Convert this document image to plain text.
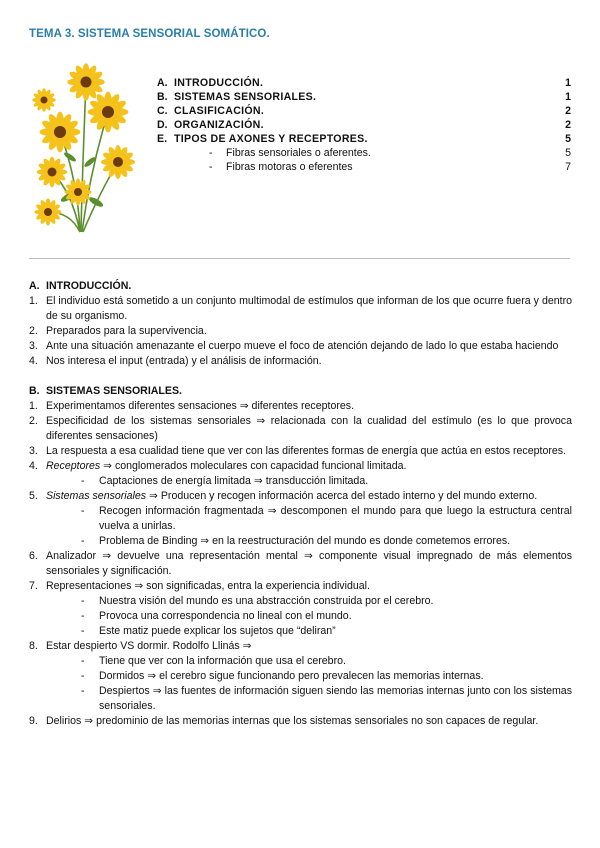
TEMA 3. SISTEMA SENSORIAL SOMÁTICO.
A. INTRODUCCIÓN.	1
B. SISTEMAS SENSORIALES.	1
C. CLASIFICACIÓN.	2
D. ORGANIZACIÓN.	2
E. TIPOS DE AXONES Y RECEPTORES.	5
-	Fibras sensoriales o aferentes.	5
-	Fibras motoras o eferentes	7
A. INTRODUCCIÓN.
1. El individuo está sometido a un conjunto multimodal de estímulos que informan de los que ocurre fuera y dentro de su organismo.
2. Preparados para la supervivencia.
3. Ante una situación amenazante el cuerpo mueve el foco de atención dejando de lado lo que estaba haciendo
4. Nos interesa el input (entrada) y el análisis de información.
B. SISTEMAS SENSORIALES.
1. Experimentamos diferentes sensaciones ⇒ diferentes receptores.
2. Especificidad de los sistemas sensoriales ⇒ relacionada con la cualidad del estímulo (es lo que provoca diferentes sensaciones)
3. La respuesta a esa cualidad tiene que ver con las diferentes formas de energía que actúa en estos receptores.
4. Receptores ⇒ conglomerados moleculares con capacidad funcional limitada.
-	Captaciones de energía limitada ⇒ transducción limitada.
5. Sistemas sensoriales ⇒ Producen y recogen información acerca del estado interno y del mundo externo.
-	Recogen información fragmentada ⇒ descomponen el mundo para que luego la estructura central vuelva a unirlas.
-	Problema de Binding ⇒ en la reestructuración del mundo es donde cometemos errores.
6. Analizador ⇒ devuelve una representación mental ⇒ componente visual impregnado de más elementos sensoriales y significación.
7. Representaciones ⇒ son significadas, entra la experiencia individual.
-	Nuestra visión del mundo es una abstracción construida por el cerebro.
-	Provoca una correspondencia no lineal con el mundo.
-	Este matiz puede explicar los sujetos que “deliran”
8. Estar despierto VS dormir. Rodolfo Llinás ⇒
-	Tiene que ver con la información que usa el cerebro.
-	Dormidos ⇒ el cerebro sigue funcionando pero prevalecen las memorias internas.
-	Despiertos ⇒ las fuentes de información siguen siendo las memorias internas junto con los sistemas sensoriales.
9. Delirios ⇒ predominio de las memorias internas que los sistemas sensoriales no son capaces de regular.
